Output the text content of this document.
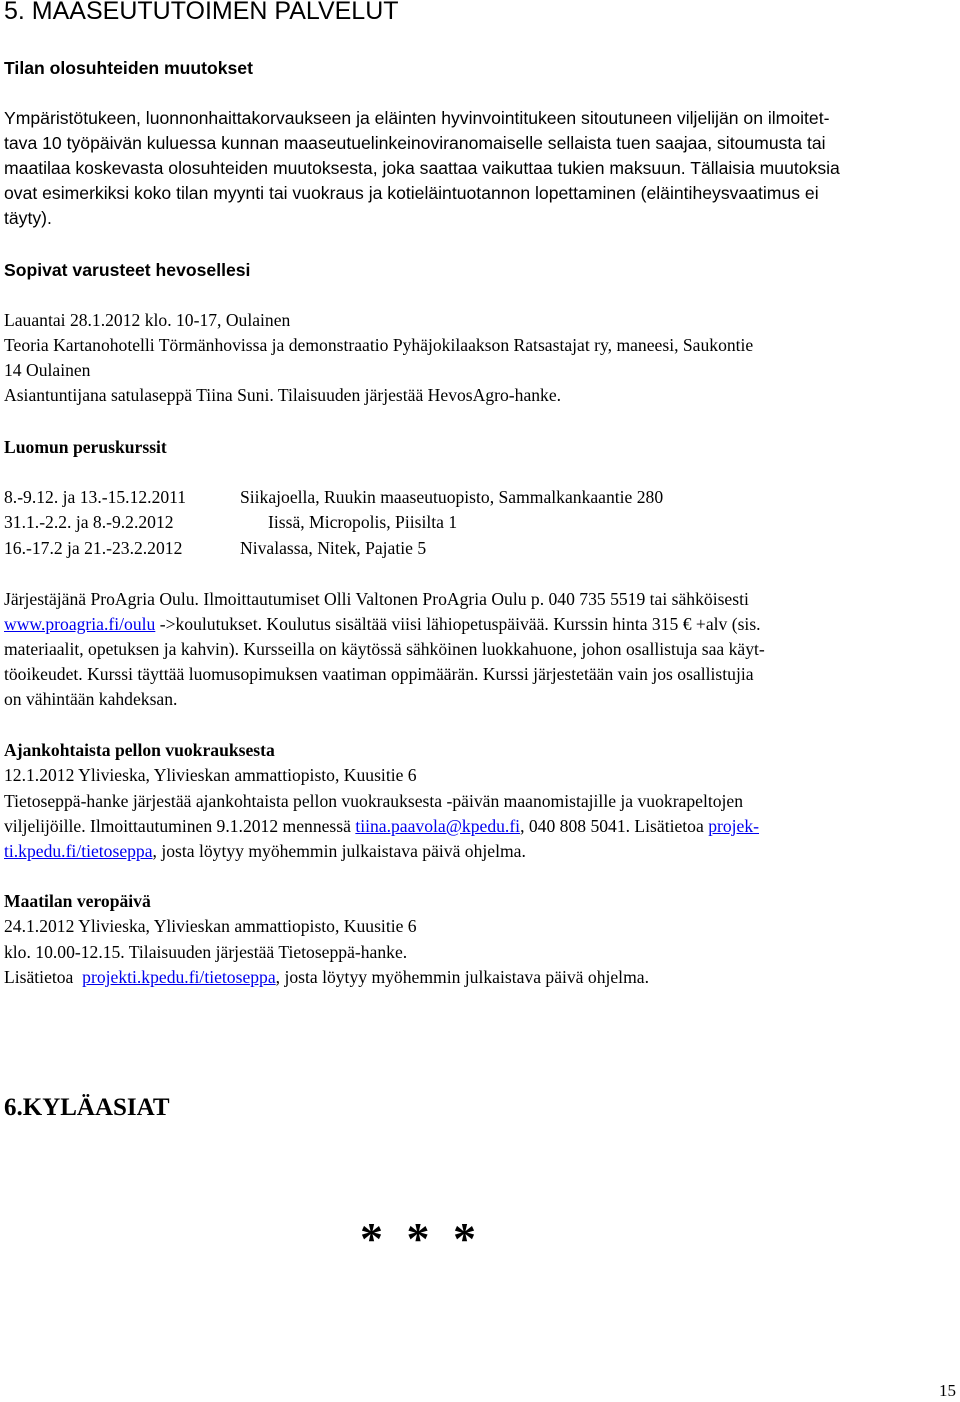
5. MAASEUTUTOIMEN PALVELUT
Tilan olosuhteiden muutokset
Ympäristötukeen, luonnonhaittakorvaukseen ja eläinten hyvinvointitukeen sitoutuneen viljelijän on ilmoitet-
tava 10 työpäivän kuluessa kunnan maaseutuelinkeinoviranomaiselle sellaista tuen saajaa, sitoumusta tai
maatilaa koskevasta olosuhteiden muutoksesta, joka saattaa vaikuttaa tukien maksuun. Tällaisia muutoksia
ovat esimerkiksi koko tilan myynti tai vuokraus ja kotieläintuotannon lopettaminen (eläintiheysvaatimus ei
täyty).
Sopivat varusteet hevosellesi
Lauantai 28.1.2012 klo. 10-17, Oulainen
Teoria Kartanohotelli Törmänhovissa ja demonstraatio Pyhäjokilaakson Ratsastajat ry, maneesi, Saukontie
14 Oulainen
Asiantuntijana satulaseppä Tiina Suni. Tilaisuuden järjestää HevosAgro-hanke.
Luomun peruskurssit
8.-9.12. ja 13.-15.12.2011	Siikajoella, Ruukin maaseutuopisto, Sammalkankaantie 280
31.1.-2.2. ja 8.-9.2.2012	Iissä, Micropolis, Piisilta 1
16.-17.2 ja 21.-23.2.2012	Nivalassa, Nitek, Pajatie 5
Järjestäjänä ProAgria Oulu. Ilmoittautumiset Olli Valtonen ProAgria Oulu p. 040 735 5519 tai sähköisesti
www.proagria.fi/oulu ->koulutukset. Koulutus sisältää viisi lähiopetuspäivää. Kurssin hinta 315 € +alv (sis.
materiaalit, opetuksen ja kahvin). Kursseilla on käytössä sähköinen luokkahuone, johon osallistuja saa käyt-
töoikeudet. Kurssi täyttää luomusopimuksen vaatiman oppimäärän. Kurssi järjestetään vain jos osallistujia
on vähintään kahdeksan.
Ajankohtaista pellon vuokrauksesta
12.1.2012 Ylivieska, Ylivieskan ammattiopisto, Kuusitie 6
Tietoseppä-hanke järjestää ajankohtaista pellon vuokrauksesta -päivän maanomistajille ja vuokrapeltojen
viljelijöille. Ilmoittautuminen 9.1.2012 mennessä tiina.paavola@kpedu.fi, 040 808 5041. Lisätietoa projek-
ti.kpedu.fi/tietoseppa, josta löytyy myöhemmin julkaistava päivä ohjelma.
Maatilan veropäivä
24.1.2012 Ylivieska, Ylivieskan ammattiopisto, Kuusitie 6
klo. 10.00-12.15. Tilaisuuden järjestää Tietoseppä-hanke.
Lisätietoa  projekti.kpedu.fi/tietoseppa, josta löytyy myöhemmin julkaistava päivä ohjelma.
6.KYLÄASIAT
* * *
15
